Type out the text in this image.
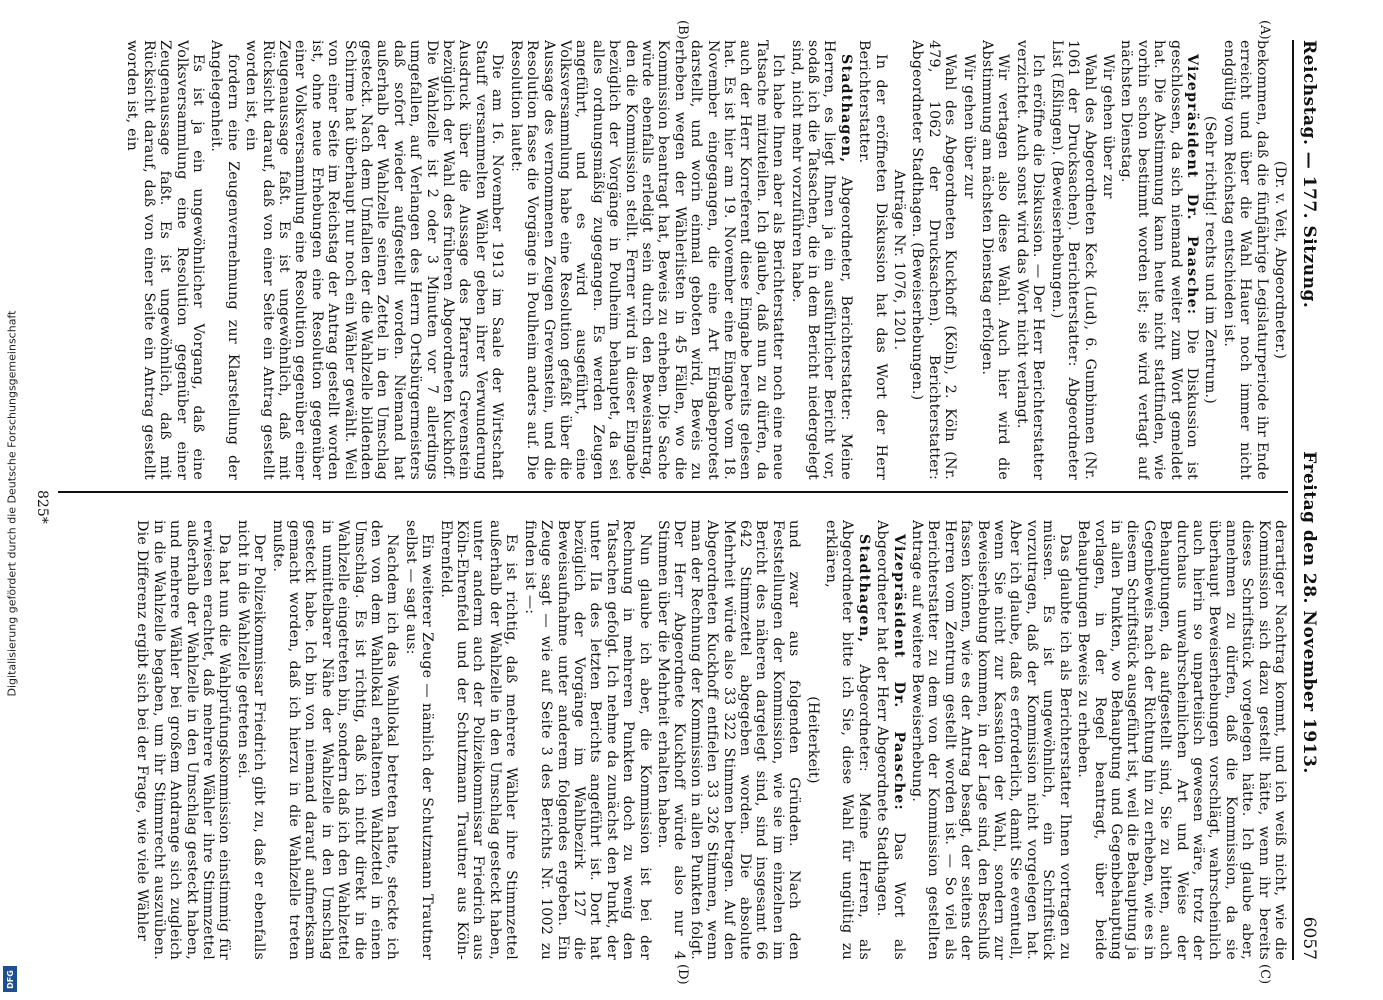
Digitalisierung gefördert durch die Deutsche Forschungsgemeinschaft
DFG
Reichstag. — 177. Sitzung.
Freitag den 28. November 1913.
6057
(A)
(B)
(C)
(D)

(Dr. v. Veit, Abgeordneter.)

bekommen, daß die fünfjährige Legislaturperiode ihr Ende erreicht und über die Wahl Hauer noch immer nicht endgültig vom Reichstag entschieden ist.

(Sehr richtig! rechts und im Zentrum.)

Vizepräsident Dr. Paasche: Die Diskussion ist geschlossen, da sich niemand weiter zum Wort gemeldet hat. Die Abstimmung kann heute nicht stattfinden, wie vorhin schon bestimmt worden ist; sie wird vertagt auf nächsten Dienstag.

Wir gehen über zur

Wahl des Abgeordneten Keck (Lud), 6. Gumbinnen (Nr. 1061 der Drucksachen). Berichterstatter: Abgeordneter List (Eßlingen). (Beweiserhebungen.)

Ich eröffne die Diskussion. — Der Herr Berichterstatter verzichtet. Auch sonst wird das Wort nicht verlangt.

Wir vertagen also diese Wahl. Auch hier wird die Abstimmung am nächsten Dienstag erfolgen.

Wir gehen über zur

Wahl des Abgeordneten Kuckhoff (Köln), 2. Köln (Nr. 479, 1062 der Drucksachen). Berichterstatter: Abgeordneter Stadthagen. (Beweiserhebungen.)

Anträge Nr. 1076, 1201.

In der eröffneten Diskussion hat das Wort der Herr Berichterstatter.

Stadthagen, Abgeordneter, Berichterstatter: Meine Herren, es liegt Ihnen ja ein ausführlicher Bericht vor, sodaß ich die Tatsachen, die in dem Bericht niedergelegt sind, nicht mehr vorzuführen habe.

Ich habe Ihnen aber als Berichterstatter noch eine neue Tatsache mitzuteilen. Ich glaube, daß nun zu dürfen, da auch der Herr Korreferent diese Eingabe bereits gelesen hat. Es ist hier am 19. November eine Eingabe vom 18. November eingegangen, die eine Art Eingabeprotest darstellt, und worin einmal geboten wird, Beweis zu erheben wegen der Wählerlisten in 45 Fällen, wo die Kommission beantragt hat, Beweis zu erheben. Die Sache würde ebenfalls erledigt sein durch den Beweisantrag, den die Kommission stellt. Ferner wird in dieser Eingabe bezüglich der Vorgänge in Poulheim behauptet, da sei alles ordnungsmäßig zugegangen. Es werden Zeugen angeführt, und es wird ausgeführt, eine Volksversammlung habe eine Resolution gefaßt über die Aussage des vernommenen Zeugen Grevenstein, und die Resolution fasse die Vorgänge in Poulheim anders auf. Die Resolution lautet:

Die am 16. November 1913 im Saale der Wirtschaft Stauff versammelten Wähler geben ihrer Verwunderung Ausdruck über die Aussage des Pfarrers Grevenstein bezüglich der Wahl des früheren Abgeordneten Kuckhoff. Die Wahlzelle ist 2 oder 3 Minuten vor 7 allerdings umgefallen, auf Verlangen des Herrn Ortsbürgermeisters daß sofort wieder aufgestellt worden. Niemand hat außerhalb der Wahlzelle seinen Zettel in den Umschlag gesteckt. Nach dem Umfallen der die Wahlzelle bildenden Schirme hat überhaupt nur noch ein Wähler gewählt. Weil von einer Seite im Reichstag der Antrag gestellt worden ist, ohne neue Erhebungen eine Resolution gegenüber einer Volksversammlung eine Resolution gegenüber einer Zeugenaussage faßt. Es ist ungewöhnlich, daß mit Rücksicht darauf, daß von einer Seite ein Antrag gestellt worden ist, ein

fordern eine Zeugenvernehmung zur Klarstellung der Angelegenheit.

Es ist ja ein ungewöhnlicher Vorgang, daß eine Volksversammlung eine Resolution gegenüber einer Zeugenaussage faßt. Es ist ungewöhnlich, daß mit Rücksicht darauf, daß von einer Seite ein Antrag gestellt worden ist, ein

derartiger Nachtrag kommt, und ich weiß nicht, wie die Kommission sich dazu gestellt hätte, wenn ihr bereits dieses Schriftstück vorgelegen hätte. Ich glaube aber, annehmen zu dürfen, daß die Kommission, da sie überhaupt Beweiserhebungen vorschlägt, wahrscheinlich auch hierin so unparteiisch gewesen wäre, trotz der durchaus unwahrscheinlichen Art und Weise der Behauptungen, da aufgestellt sind, Sie zu bitten, auch Gegenbeweis nach der Richtung hin zu erheben, wie es in diesem Schriftstück ausgeführt ist, weil die Behauptung ja in allen Punkten, wo Behauptung und Gegenbehauptung vorlagen, in der Regel beantragt, über beide Behauptungen Beweis zu erheben.

Das glaubte ich als Berichterstatter Ihnen vortragen zu müssen. Es ist ungewöhnlich, ein Schriftstück vorzutragen, daß der Kommission nicht vorgelegen hat. Aber ich glaube, daß es erforderlich, damit Sie eventuell, wenn Sie nicht zur Kassation der Wahl, sondern zur Beweiserhebung kommen, in der Lage sind, den Beschluß fassen können, wie es der Antrag besagt, der seitens der Herren vom Zentrum gestellt worden ist. — So viel als Berichterstatter zu dem von der Kommission gestellten Antrage auf weitere Beweiserhebung.

Vizepräsident Dr. Paasche: Das Wort als Abgeordneter hat der Herr Abgeordnete Stadthagen.

Stadthagen, Abgeordneter: Meine Herren, als Abgeordneter bitte ich Sie, diese Wahl für ungültig zu erklären,

(Heiterkeit)

und zwar aus folgenden Gründen. Nach den Feststellungen der Kommission, wie sie im einzelnen im Bericht des näheren dargelegt sind, sind insgesamt 66 642 Stimmzettel abgegeben worden. Die absolute Mehrheit würde also 33 322 Stimmen betragen. Auf den Abgeordneten Kuckhoff entfielen 33 326 Stimmen, wenn man der Rechnung der Kommission in allen Punkten folgt. Der Herr Abgeordnete Kuckhoff würde also nur 4 Stimmen über die Mehrheit erhalten haben.

Nun glaube ich aber, die Kommission ist bei der Rechnung in mehreren Punkten doch zu wenig den Tatsachen gefolgt. Ich nehme da zunächst den Punkt, der unter IIa des letzten Berichts angeführt ist. Dort hat bezüglich der Vorgänge im Wahlbezirk 127 die Beweisaufnahme unter anderem folgendes ergeben. Ein Zeuge sagt — wie auf Seite 3 des Berichts Nr. 1002 zu finden ist —:

Es ist richtig, daß mehrere Wähler ihre Stimmzettel außerhalb der Wahlzelle in den Umschlag gesteckt haben, unter anderm auch der Polizeikommissar Friedrich aus Köln-Ehrenfeld und der Schutzmann Trautner aus Köln-Ehrenfeld.

Ein weiterer Zeuge — nämlich der Schutzmann Trautner selbst — sagt aus:

Nachdem ich das Wahllokal betreten hatte, steckte ich den von dem Wahllokal erhaltenen Wahlzettel in einen Umschlag. Es ist richtig, daß ich nicht direkt in die Wahlzelle eingetreten bin, sondern daß ich den Wahlzettel in unmittelbarer Nähe der Wahlzelle in den Umschlag gesteckt habe. Ich bin von niemand darauf aufmerksam gemacht worden, daß ich hierzu in die Wahlzelle treten mußte.

Der Polizeikommissar Friedrich gibt zu, daß er ebenfalls nicht in die Wahlzelle getreten sei.

Da hat nun die Wahlprüfungskommission einstimmig für erwiesen erachtet, daß mehrere Wähler ihre Stimmzettel außerhalb der Wahlzelle in den Umschlag gesteckt haben, und mehrere Wähler bei großem Andrange sich zugleich in die Wahlzelle begaben, um ihr Stimmrecht auszuüben. Die Differenz ergibt sich bei der Frage, wie viele Wähler

825*
